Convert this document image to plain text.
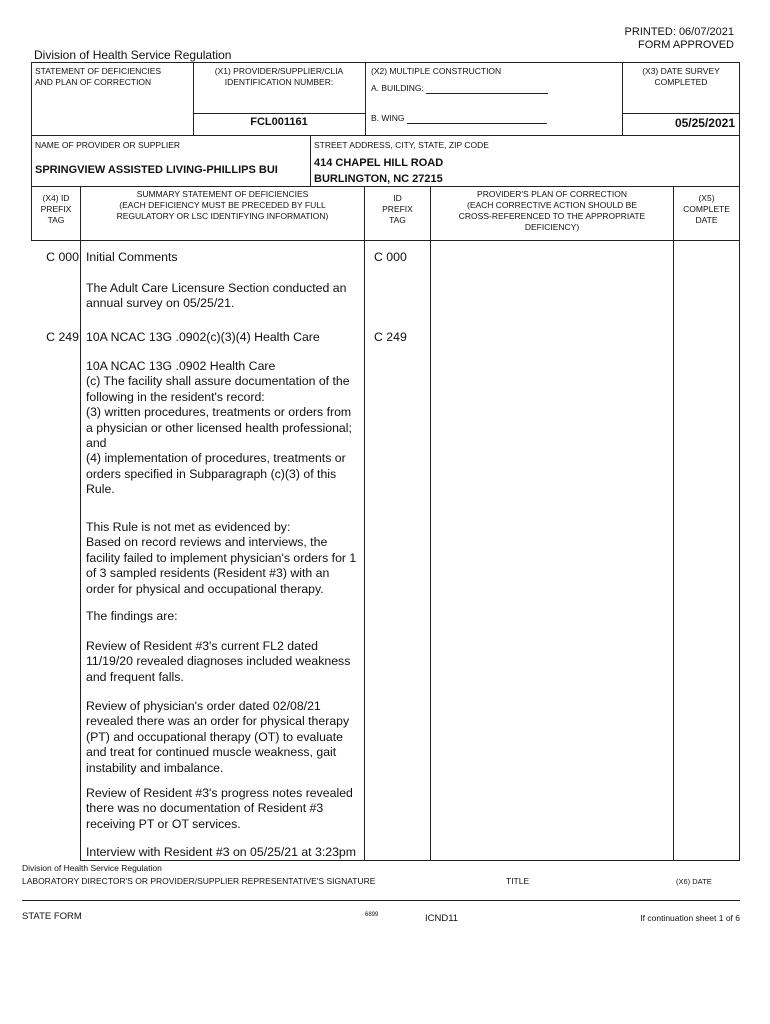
PRINTED: 06/07/2021
FORM APPROVED
Division of Health Service Regulation
STATEMENT OF DEFICIENCIES
AND PLAN OF CORRECTION
(X1) PROVIDER/SUPPLIER/CLIA
IDENTIFICATION NUMBER:
FCL001161
(X2) MULTIPLE CONSTRUCTION
A. BUILDING:
B. WING
(X3) DATE SURVEY
COMPLETED
05/25/2021
NAME OF PROVIDER OR SUPPLIER
SPRINGVIEW ASSISTED LIVING-PHILLIPS BUI
STREET ADDRESS, CITY, STATE, ZIP CODE
414 CHAPEL HILL ROAD
BURLINGTON, NC 27215
(X4) ID
PREFIX
TAG
SUMMARY STATEMENT OF DEFICIENCIES
(EACH DEFICIENCY MUST BE PRECEDED BY FULL
REGULATORY OR LSC IDENTIFYING INFORMATION)
ID
PREFIX
TAG
PROVIDER'S PLAN OF CORRECTION
(EACH CORRECTIVE ACTION SHOULD BE
CROSS-REFERENCED TO THE APPROPRIATE
DEFICIENCY)
(X5)
COMPLETE
DATE
C 000 Initial Comments	C 000
The Adult Care Licensure Section conducted an
annual survey on 05/25/21.
C 249 10A NCAC 13G .0902(c)(3)(4) Health Care	C 249
10A NCAC 13G .0902 Health Care
(c) The facility shall assure documentation of the
following in the resident's record:
(3) written procedures, treatments or orders from
a physician or other licensed health professional;
and
(4) implementation of procedures, treatments or
orders specified in Subparagraph (c)(3) of this
Rule.
This Rule is not met as evidenced by:
Based on record reviews and interviews, the
facility failed to implement physician's orders for 1
of 3 sampled residents (Resident #3) with an
order for physical and occupational therapy.
The findings are:
Review of Resident #3's current FL2 dated
11/19/20 revealed diagnoses included weakness
and frequent falls.
Review of physician's order dated 02/08/21
revealed there was an order for physical therapy
(PT) and occupational therapy (OT) to evaluate
and treat for continued muscle weakness, gait
instability and imbalance.
Review of Resident #3's progress notes revealed
there was no documentation of Resident #3
receiving PT or OT services.
Interview with Resident #3 on 05/25/21 at 3:23pm
Division of Health Service Regulation
LABORATORY DIRECTOR'S OR PROVIDER/SUPPLIER REPRESENTATIVE'S SIGNATURE	TITLE	(X6) DATE
STATE FORM	6899	ICND11	If continuation sheet 1 of 6
